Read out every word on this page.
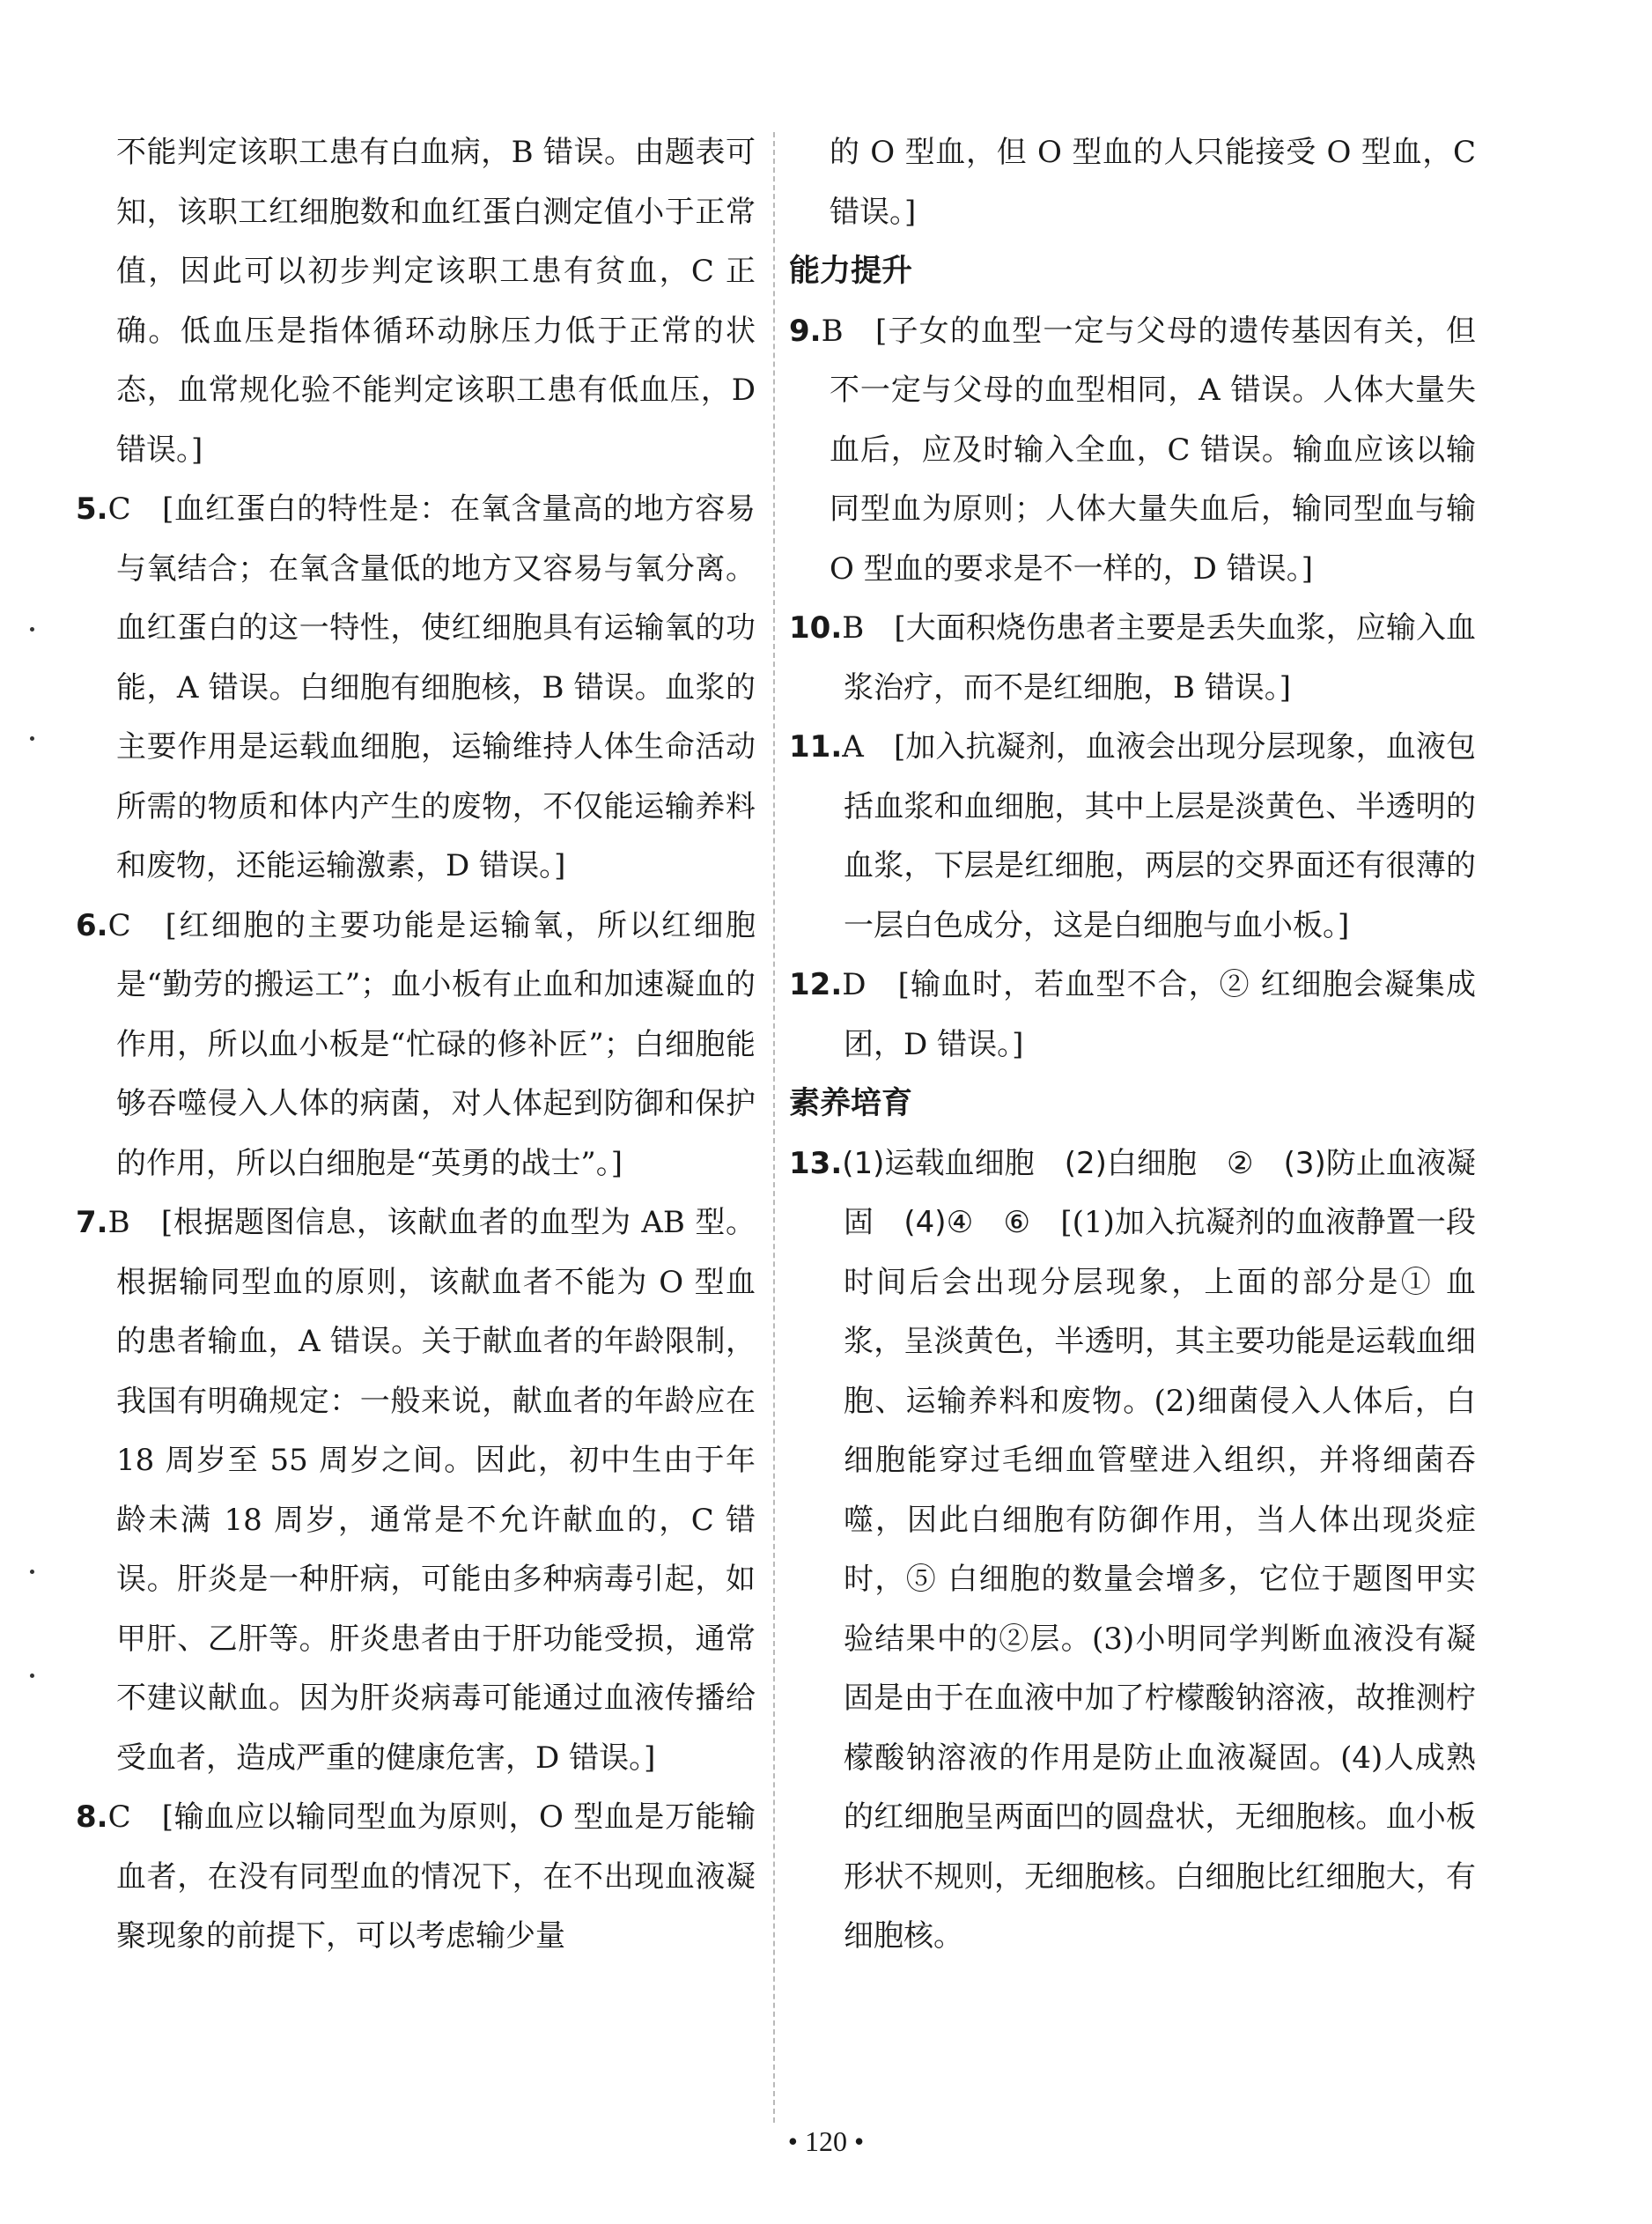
不能判定该职工患有白血病，B 错误。由题表可知，该职工红细胞数和血红蛋白测定值小于正常值，因此可以初步判定该职工患有贫血，C 正确。低血压是指体循环动脉压力低于正常的状态，血常规化验不能判定该职工患有低血压，D 错误。]

5.C　 [血红蛋白的特性是：在氧含量高的地方容易与氧结合；在氧含量低的地方又容易与氧分离。血红蛋白的这一特性，使红细胞具有运输氧的功能，A 错误。白细胞有细胞核，B 错误。血浆的主要作用是运载血细胞，运输维持人体生命活动所需的物质和体内产生的废物，不仅能运输养料和废物，还能运输激素，D 错误。]

6.C　 [红细胞的主要功能是运输氧，所以红细胞是“勤劳的搬运工”；血小板有止血和加速凝血的作用，所以血小板是“忙碌的修补匠”；白细胞能够吞噬侵入人体的病菌，对人体起到防御和保护的作用，所以白细胞是“英勇的战士”。]

7.B　 [根据题图信息，该献血者的血型为 AB 型。根据输同型血的原则，该献血者不能为 O 型血的患者输血，A 错误。关于献血者的年龄限制，我国有明确规定：一般来说，献血者的年龄应在 18 周岁至 55 周岁之间。因此，初中生由于年龄未满 18 周岁，通常是不允许献血的，C 错误。肝炎是一种肝病，可能由多种病毒引起，如甲肝、乙肝等。肝炎患者由于肝功能受损，通常不建议献血。因为肝炎病毒可能通过血液传播给受血者，造成严重的健康危害，D 错误。]

8.C　 [输血应以输同型血为原则，O 型血是万能输血者，在没有同型血的情况下，在不出现血液凝聚现象的前提下，可以考虑输少量

的 O 型血，但 O 型血的人只能接受 O 型血，C 错误。]

能力提升

9.B　 [子女的血型一定与父母的遗传基因有关，但不一定与父母的血型相同，A 错误。人体大量失血后，应及时输入全血，C 错误。输血应该以输同型血为原则；人体大量失血后，输同型血与输 O 型血的要求是不一样的，D 错误。]

10.B　 [大面积烧伤患者主要是丢失血浆，应输入血浆治疗，而不是红细胞，B 错误。]

11.A　 [加入抗凝剂，血液会出现分层现象，血液包括血浆和血细胞，其中上层是淡黄色、半透明的血浆，下层是红细胞，两层的交界面还有很薄的一层白色成分，这是白细胞与血小板。]

12.D　 [输血时，若血型不合，② 红细胞会凝集成团，D 错误。]

素养培育

13.(1)运载血细胞　(2)白细胞　②　(3)防止血液凝固　(4)④　⑥　 [(1)加入抗凝剂的血液静置一段时间后会出现分层现象，上面的部分是① 血浆，呈淡黄色，半透明，其主要功能是运载血细胞、运输养料和废物。(2)细菌侵入人体后，白细胞能穿过毛细血管壁进入组织，并将细菌吞噬，因此白细胞有防御作用，当人体出现炎症时，⑤ 白细胞的数量会增多，它位于题图甲实验结果中的②层。(3)小明同学判断血液没有凝固是由于在血液中加了柠檬酸钠溶液，故推测柠檬酸钠溶液的作用是防止血液凝固。(4)人成熟的红细胞呈两面凹的圆盘状，无细胞核。血小板形状不规则，无细胞核。白细胞比红细胞大，有细胞核。

• 120 •
